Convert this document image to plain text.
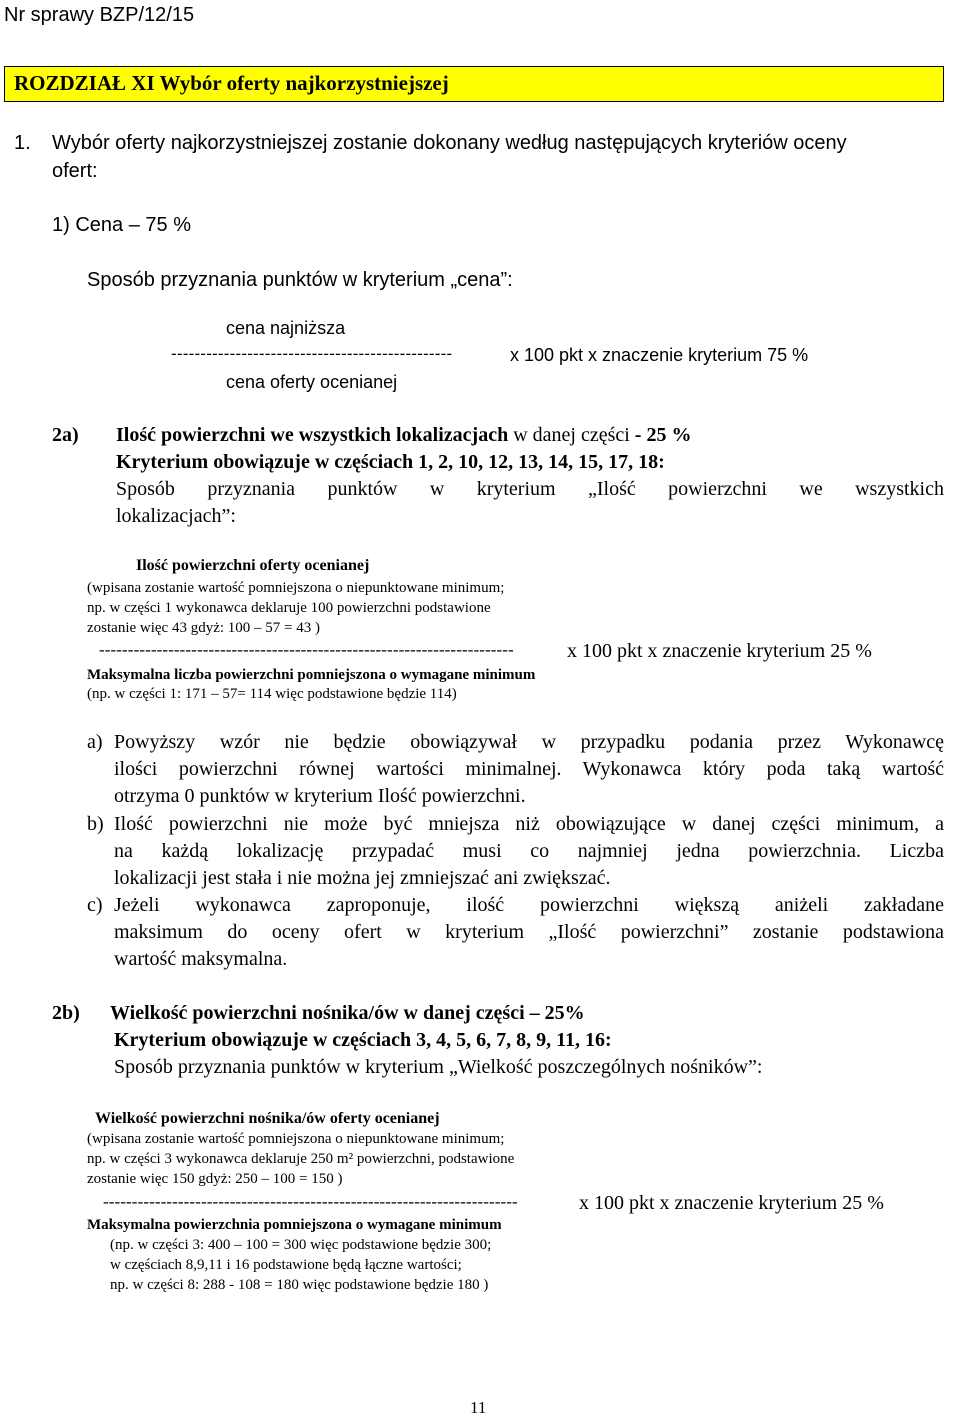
Nr sprawy BZP/12/15
ROZDZIAŁ XI Wybór oferty najkorzystniejszej
1. Wybór oferty najkorzystniejszej zostanie dokonany według następujących kryteriów oceny
ofert:
1) Cena – 75 %
Sposób przyznania punktów w kryterium „cena”:
cena najniższa
------------------------------------------------	x 100 pkt x znaczenie kryterium 75 %
cena oferty ocenianej
2a) Ilość powierzchni we wszystkich lokalizacjach w danej części - 25 %
Kryterium obowiązuje w częściach 1, 2, 10, 12, 13, 14, 15, 17, 18:
Sposób przyznania punktów w kryterium „Ilość powierzchni we wszystkich
lokalizacjach”:
Ilość powierzchni oferty ocenianej
(wpisana zostanie wartość pomniejszona o niepunktowane minimum;
np. w części 1 wykonawca deklaruje 100 powierzchni podstawione
zostanie więc 43 gdyż: 100 – 57 = 43 )
------------------------------------------------------------------------	x 100 pkt x znaczenie kryterium 25 %
Maksymalna liczba powierzchni pomniejszona o wymagane minimum
(np. w części 1: 171 – 57= 114 więc podstawione będzie 114)
a) Powyższy wzór nie będzie obowiązywał w przypadku podania przez Wykonawcę
ilości powierzchni równej wartości minimalnej. Wykonawca który poda taką wartość
otrzyma 0 punktów w kryterium Ilość powierzchni.
b) Ilość powierzchni nie może być mniejsza niż obowiązujące w danej części minimum, a
na każdą lokalizację przypadać musi co najmniej jedna powierzchnia. Liczba
lokalizacji jest stała i nie można jej zmniejszać ani zwiększać.
c) Jeżeli wykonawca zaproponuje, ilość powierzchni większą aniżeli zakładane
maksimum do oceny ofert w kryterium „Ilość powierzchni” zostanie podstawiona
wartość maksymalna.
2b) Wielkość powierzchni nośnika/ów w danej części – 25%
Kryterium obowiązuje w częściach 3, 4, 5, 6, 7, 8, 9, 11, 16:
Sposób przyznania punktów w kryterium „Wielkość poszczególnych nośników”:
Wielkość powierzchni nośnika/ów oferty ocenianej
(wpisana zostanie wartość pomniejszona o niepunktowane minimum;
np. w części 3 wykonawca deklaruje 250 m² powierzchni, podstawione
zostanie więc 150 gdyż: 250 – 100 = 150 )
------------------------------------------------------------------------	x 100 pkt x znaczenie kryterium 25 %
Maksymalna powierzchnia pomniejszona o wymagane minimum
(np. w części 3: 400 – 100 = 300 więc podstawione będzie 300;
w częściach 8,9,11 i 16 podstawione będą łączne wartości;
np. w części 8: 288 - 108 = 180 więc podstawione będzie 180 )
11
